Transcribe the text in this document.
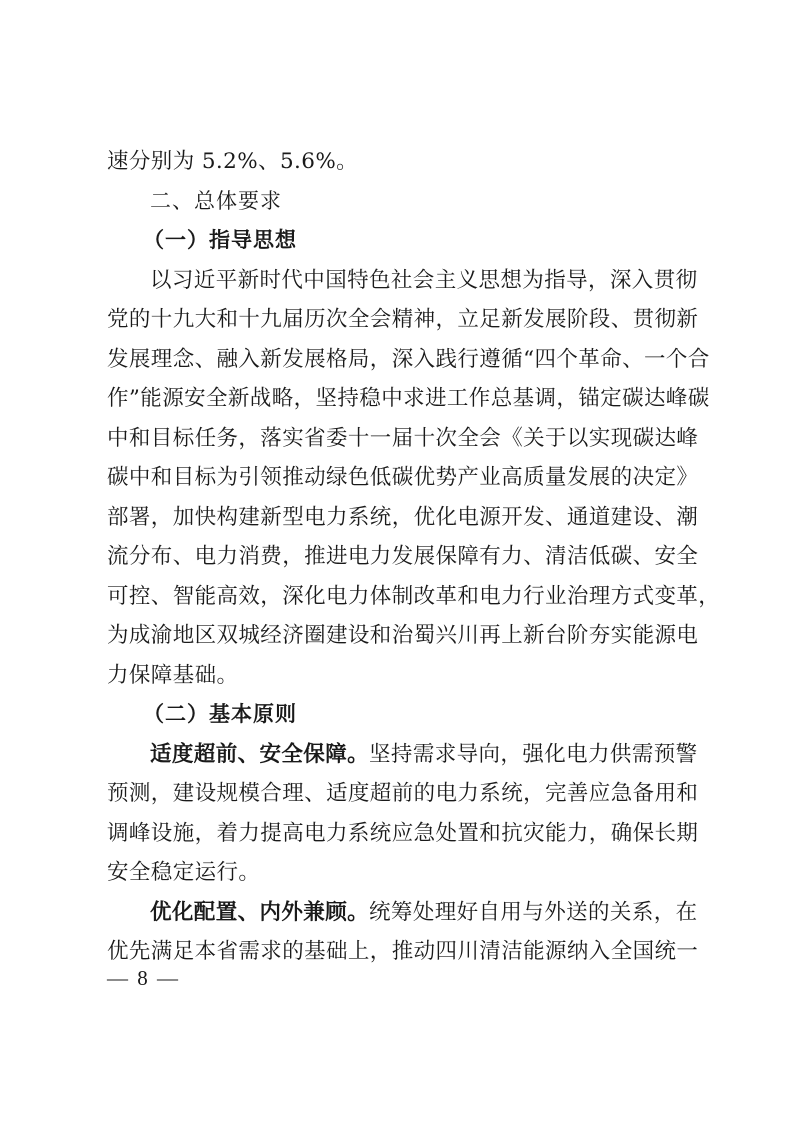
速分别为 5.2%、5.6%。
二、总体要求
（一）指导思想
以习近平新时代中国特色社会主义思想为指导，深入贯彻
党的十九大和十九届历次全会精神，立足新发展阶段、贯彻新
发展理念、融入新发展格局，深入践行遵循“四个革命、一个合
作”能源安全新战略，坚持稳中求进工作总基调，锚定碳达峰碳
中和目标任务，落实省委十一届十次全会《关于以实现碳达峰
碳中和目标为引领推动绿色低碳优势产业高质量发展的决定》
部署，加快构建新型电力系统，优化电源开发、通道建设、潮
流分布、电力消费，推进电力发展保障有力、清洁低碳、安全
可控、智能高效，深化电力体制改革和电力行业治理方式变革，
为成渝地区双城经济圈建设和治蜀兴川再上新台阶夯实能源电
力保障基础。
（二）基本原则
适度超前、安全保障。坚持需求导向，强化电力供需预警
预测，建设规模合理、适度超前的电力系统，完善应急备用和
调峰设施，着力提高电力系统应急处置和抗灾能力，确保长期
安全稳定运行。
优化配置、内外兼顾。统筹处理好自用与外送的关系，在
优先满足本省需求的基础上，推动四川清洁能源纳入全国统一
— 8 —
